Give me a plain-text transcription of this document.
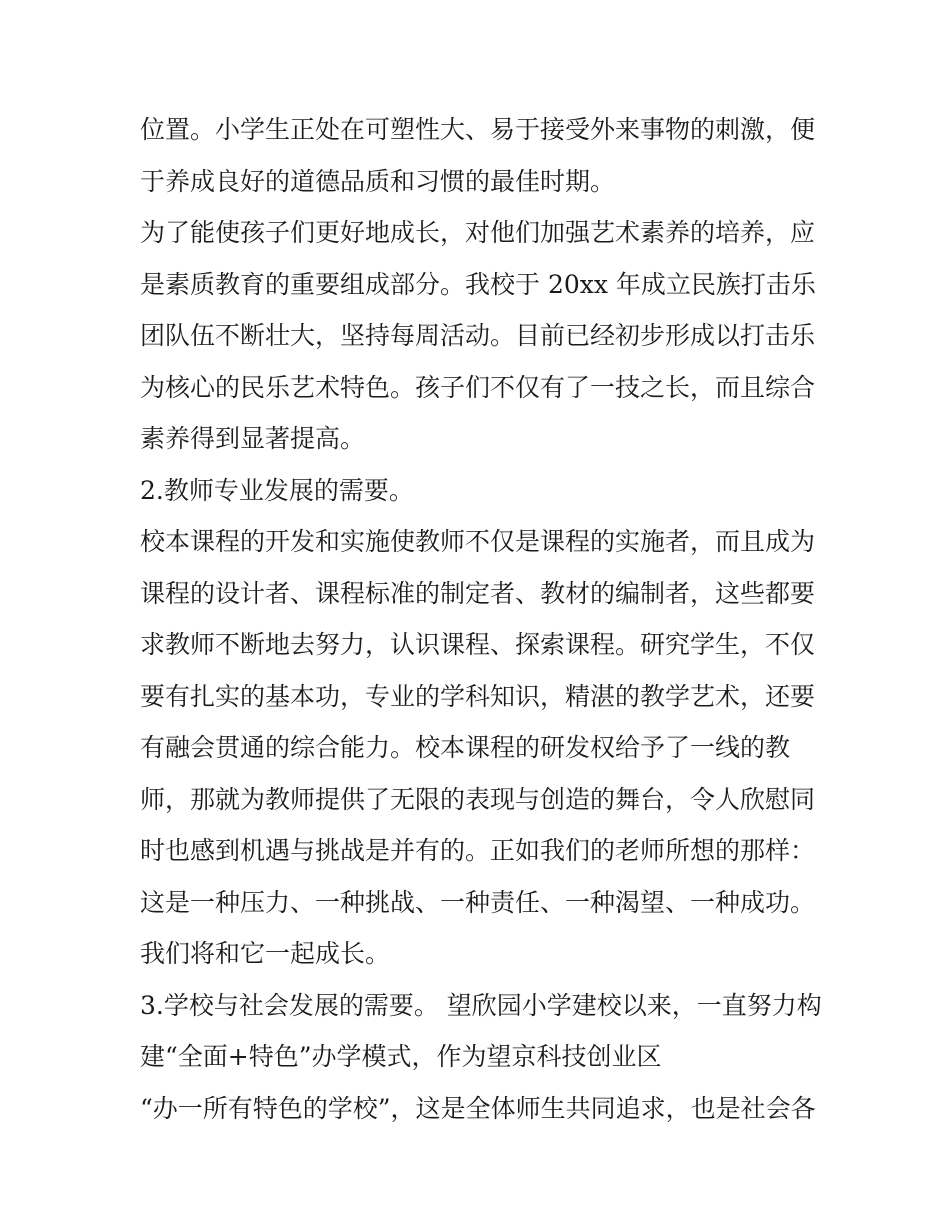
位置。小学生正处在可塑性大、易于接受外来事物的刺激，便
于养成良好的道德品质和习惯的最佳时期。
为了能使孩子们更好地成长，对他们加强艺术素养的培养，应
是素质教育的重要组成部分。我校于 20xx 年成立民族打击乐
团队伍不断壮大，坚持每周活动。目前已经初步形成以打击乐
为核心的民乐艺术特色。孩子们不仅有了一技之长，而且综合
素养得到显著提高。
2.教师专业发展的需要。
校本课程的开发和实施使教师不仅是课程的实施者，而且成为
课程的设计者、课程标准的制定者、教材的编制者，这些都要
求教师不断地去努力，认识课程、探索课程。研究学生，不仅
要有扎实的基本功，专业的学科知识，精湛的教学艺术，还要
有融会贯通的综合能力。校本课程的研发权给予了一线的教
师，那就为教师提供了无限的表现与创造的舞台，令人欣慰同
时也感到机遇与挑战是并有的。正如我们的老师所想的那样：
这是一种压力、一种挑战、一种责任、一种渴望、一种成功。
我们将和它一起成长。
3.学校与社会发展的需要。 望欣园小学建校以来，一直努力构
建“全面+特色”办学模式，作为望京科技创业区
“办一所有特色的学校”，这是全体师生共同追求，也是社会各
